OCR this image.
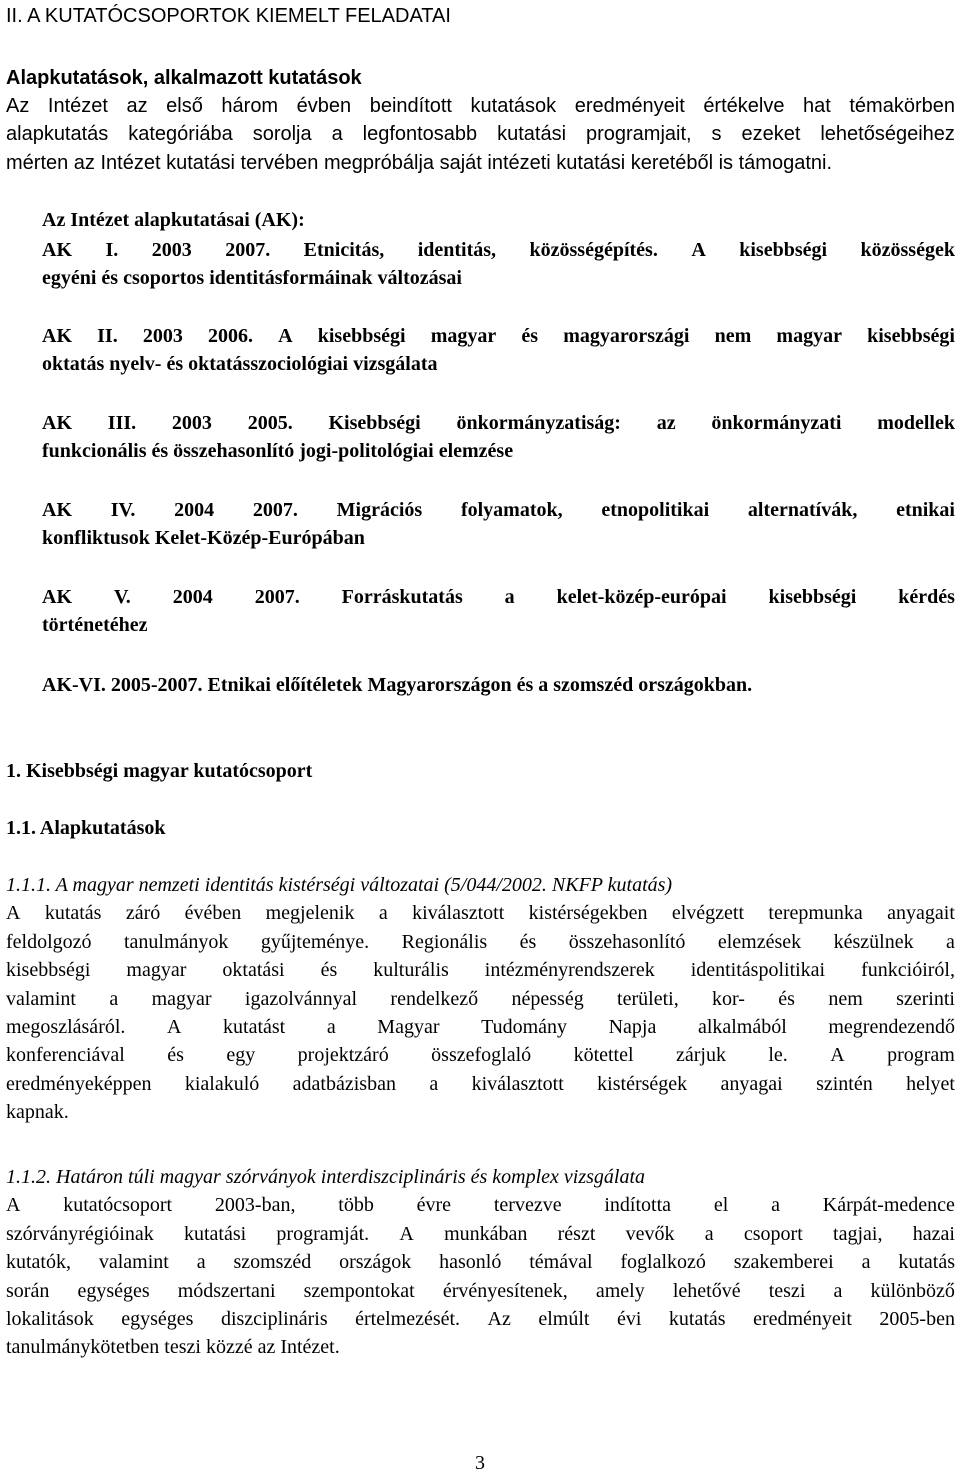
II. A KUTATÓCSOPORTOK KIEMELT FELADATAI
Alapkutatások, alkalmazott kutatások
Az Intézet az első három évben beindított kutatások eredményeit értékelve hat témakörben
alapkutatás kategóriába sorolja a legfontosabb kutatási programjait, s ezeket lehetőségeihez
mérten az Intézet kutatási tervében megpróbálja saját intézeti kutatási keretéből is támogatni.
Az Intézet alapkutatásai (AK):
AK I. 2003 2007. Etnicitás, identitás, közösségépítés. A kisebbségi közösségek
egyéni és csoportos identitásformáinak változásai
AK II. 2003 2006. A kisebbségi magyar és magyarországi nem magyar kisebbségi
oktatás nyelv- és oktatásszociológiai vizsgálata
AK III. 2003 2005. Kisebbségi önkormányzatiság: az önkormányzati modellek
funkcionális és összehasonlító jogi-politológiai elemzése
AK IV. 2004 2007. Migrációs folyamatok, etnopolitikai alternatívák, etnikai
konfliktusok Kelet-Közép-Európában
AK V. 2004 2007. Forráskutatás a kelet-közép-európai kisebbségi kérdés
történetéhez
AK-VI. 2005-2007. Etnikai előítéletek Magyarországon és a szomszéd országokban.
1. Kisebbségi magyar kutatócsoport
1.1. Alapkutatások
1.1.1. A magyar nemzeti identitás kistérségi változatai (5/044/2002. NKFP kutatás)
A kutatás záró évében megjelenik a kiválasztott kistérségekben elvégzett terepmunka anyagait
feldolgozó tanulmányok gyűjteménye. Regionális és összehasonlító elemzések készülnek a
kisebbségi magyar oktatási és kulturális intézményrendszerek identitáspolitikai funkcióiról,
valamint a magyar igazolvánnyal rendelkező népesség területi, kor- és nem szerinti
megoszlásáról. A kutatást a Magyar Tudomány Napja alkalmából megrendezendő
konferenciával és egy projektzáró összefoglaló kötettel zárjuk le. A program
eredményeképpen kialakuló adatbázisban a kiválasztott kistérségek anyagai szintén helyet
kapnak.
1.1.2. Határon túli magyar szórványok interdiszciplináris és komplex vizsgálata
A kutatócsoport 2003-ban, több évre tervezve indította el a Kárpát-medence
szórványrégióinak kutatási programját. A munkában részt vevők a csoport tagjai, hazai
kutatók, valamint a szomszéd országok hasonló témával foglalkozó szakemberei a kutatás
során egységes módszertani szempontokat érvényesítenek, amely lehetővé teszi a különböző
lokalitások egységes diszciplináris értelmezését. Az elmúlt évi kutatás eredményeit 2005-ben
tanulmánykötetben teszi közzé az Intézet.
3
